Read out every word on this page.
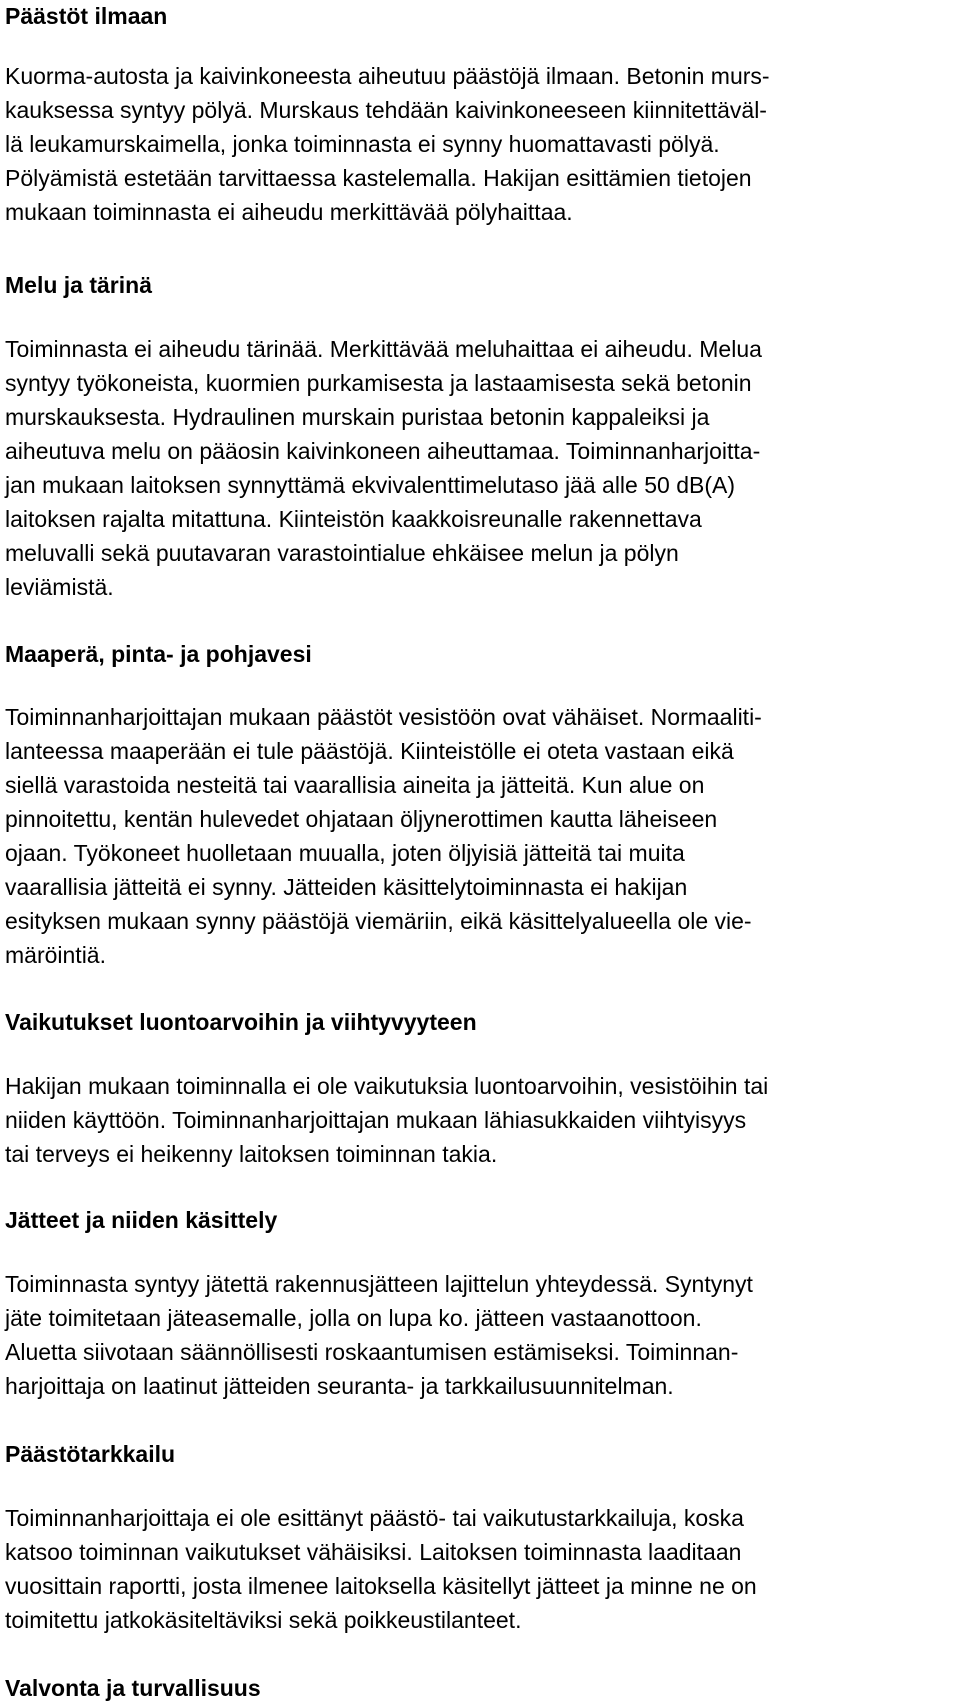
Päästöt ilmaan
Kuorma-autosta ja kaivinkoneesta aiheutuu päästöjä ilmaan. Betonin murs-
kauksessa syntyy pölyä. Murskaus tehdään kaivinkoneeseen kiinnitettäväl-
lä leukamurskaimella, jonka toiminnasta ei synny huomattavasti pölyä.
Pölyämistä estetään tarvittaessa kastelemalla. Hakijan esittämien tietojen
mukaan toiminnasta ei aiheudu merkittävää pölyhaittaa.
Melu ja tärinä
Toiminnasta ei aiheudu tärinää. Merkittävää meluhaittaa ei aiheudu. Melua
syntyy työkoneista, kuormien purkamisesta ja lastaamisesta sekä betonin
murskauksesta. Hydraulinen murskain puristaa betonin kappaleiksi ja
aiheutuva melu on pääosin kaivinkoneen aiheuttamaa. Toiminnanharjoitta-
jan mukaan laitoksen synnyttämä ekvivalenttimelutaso jää alle 50 dB(A)
laitoksen rajalta mitattuna. Kiinteistön kaakkoisreunalle rakennettava
meluvalli sekä puutavaran varastointialue ehkäisee melun ja pölyn
leviämistä.
Maaperä, pinta- ja pohjavesi
Toiminnanharjoittajan mukaan päästöt vesistöön ovat vähäiset. Normaaliti-
lanteessa maaperään ei tule päästöjä. Kiinteistölle ei oteta vastaan eikä
siellä varastoida nesteitä tai vaarallisia aineita ja jätteitä. Kun alue on
pinnoitettu, kentän hulevedet ohjataan öljynerottimen kautta läheiseen
ojaan. Työkoneet huolletaan muualla, joten öljyisiä jätteitä tai muita
vaarallisia jätteitä ei synny. Jätteiden käsittelytoiminnasta ei hakijan
esityksen mukaan synny päästöjä viemäriin, eikä käsittelyalueella ole vie-
märöintiä.
Vaikutukset luontoarvoihin ja viihtyvyyteen
Hakijan mukaan toiminnalla ei ole vaikutuksia luontoarvoihin, vesistöihin tai
niiden käyttöön. Toiminnanharjoittajan mukaan lähiasukkaiden viihtyisyys
tai terveys ei heikenny laitoksen toiminnan takia.
Jätteet ja niiden käsittely
Toiminnasta syntyy jätettä rakennusjätteen lajittelun yhteydessä. Syntynyt
jäte toimitetaan jäteasemalle, jolla on lupa ko. jätteen vastaanottoon.
Aluetta siivotaan säännöllisesti roskaantumisen estämiseksi. Toiminnan-
harjoittaja on laatinut jätteiden seuranta- ja tarkkailusuunnitelman.
Päästötarkkailu
Toiminnanharjoittaja ei ole esittänyt päästö- tai vaikutustarkkailuja, koska
katsoo toiminnan vaikutukset vähäisiksi. Laitoksen toiminnasta laaditaan
vuosittain raportti, josta ilmenee laitoksella käsitellyt jätteet ja minne ne on
toimitettu jatkokäsiteltäviksi sekä poikkeustilanteet.
Valvonta ja turvallisuus
